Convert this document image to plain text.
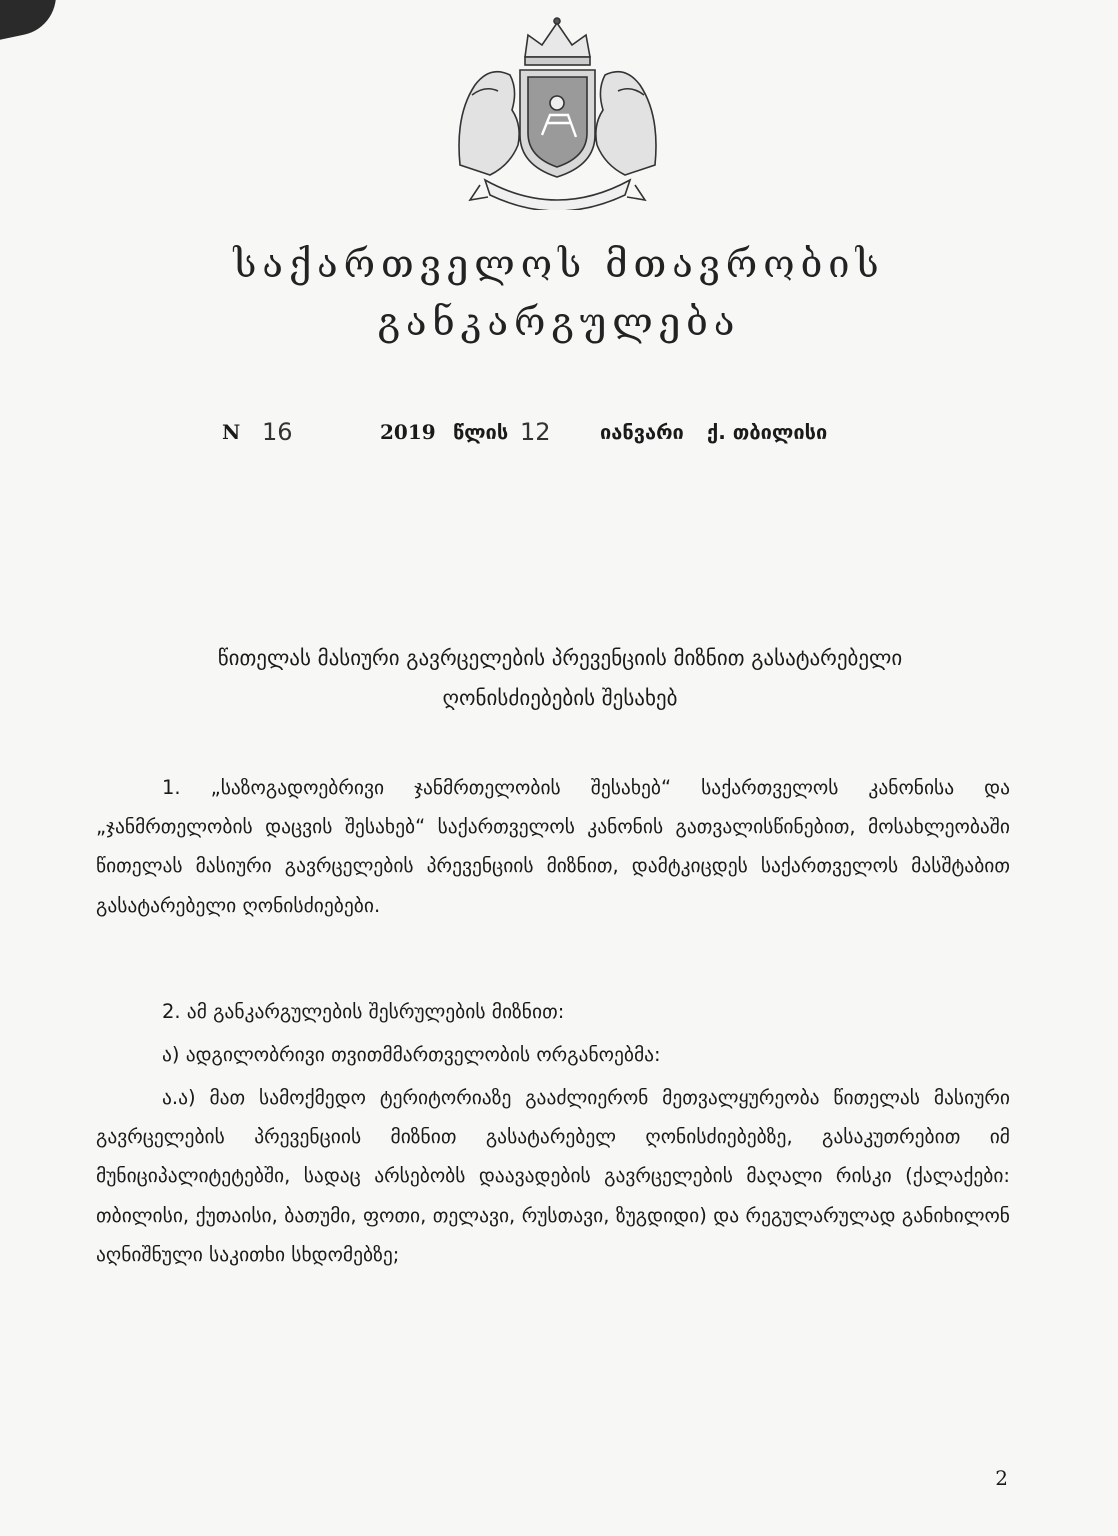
საქართველოს მთავრობის
განკარგულება
N 16	2019 წლის 12 იანვარი ქ. თბილისი
წითელას მასიური გავრცელების პრევენციის მიზნით გასატარებელი
ღონისძიებების შესახებ

1. „საზოგადოებრივი ჯანმრთელობის შესახებ“ საქართველოს კანონისა და „ჯანმრთელობის დაცვის შესახებ“ საქართველოს კანონის გათვალისწინებით, მოსახლეობაში წითელას მასიური გავრცელების პრევენციის მიზნით, დამტკიცდეს საქართველოს მასშტაბით გასატარებელი ღონისძიებები.

2. ამ განკარგულების შესრულების მიზნით:

ა) ადგილობრივი თვითმმართველობის ორგანოებმა:

ა.ა) მათ სამოქმედო ტერიტორიაზე გააძლიერონ მეთვალყურეობა წითელას მასიური გავრცელების პრევენციის მიზნით გასატარებელ ღონისძიებებზე, გასაკუთრებით იმ მუნიციპალიტეტებში, სადაც არსებობს დაავადების გავრცელების მაღალი რისკი (ქალაქები: თბილისი, ქუთაისი, ბათუმი, ფოთი, თელავი, რუსთავი, ზუგდიდი) და რეგულარულად განიხილონ აღნიშნული საკითხი სხდომებზე;

2
